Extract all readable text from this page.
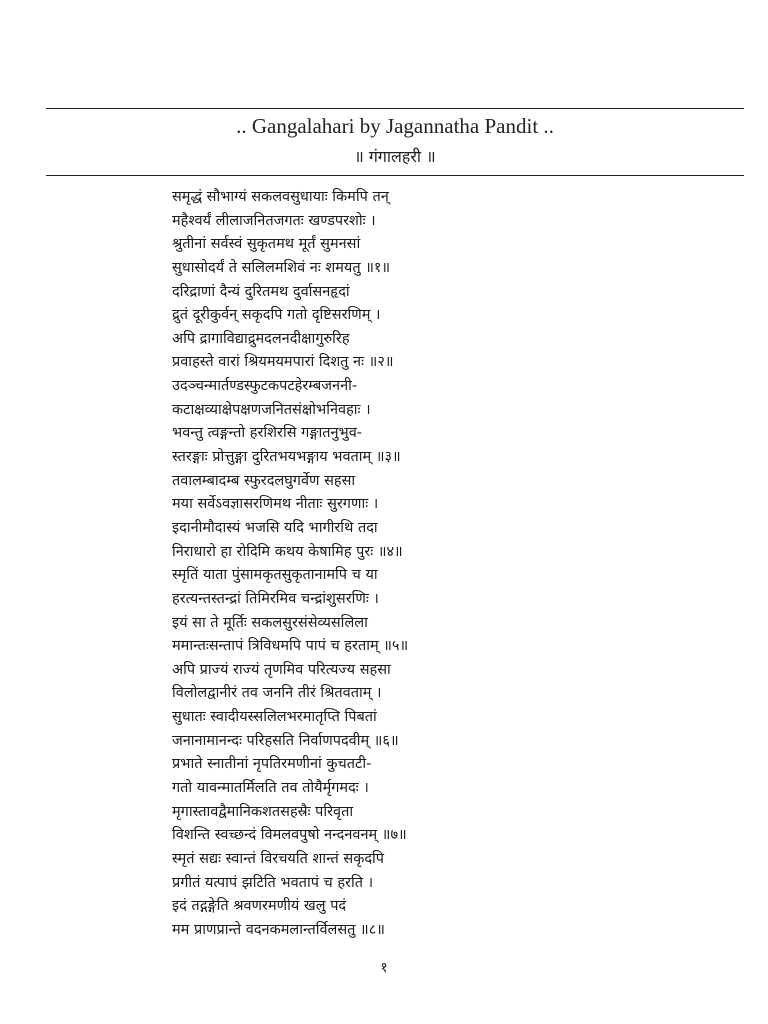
.. Gangalahari by Jagannatha Pandit ..
॥ गंगालहरी ॥
समृद्धं सौभाग्यं सकलवसुधायाः किमपि तन्
महैश्वर्यं लीलाजनितजगतः खण्डपरशोः ।
श्रुतीनां सर्वस्वं सुकृतमथ मूर्तं सुमनसां
सुधासोदर्यं ते सलिलमशिवं नः शमयतु ॥१॥
दरिद्राणां दैन्यं दुरितमथ दुर्वासनहृदां
द्रुतं दूरीकुर्वन् सकृदपि गतो दृष्टिसरणिम् ।
अपि द्रागाविद्याद्रुमदलनदीक्षागुरुरिह
प्रवाहस्ते वारां श्रियमयमपारां दिशतु नः ॥२॥
उदञ्चन्मार्तण्डस्फुटकपटहेरम्बजननी-
कटाक्षव्याक्षेपक्षणजनितसंक्षोभनिवहाः ।
भवन्तु त्वङ्गन्तो हरशिरसि गङ्गातनुभुव-
स्तरङ्गाः प्रोत्तुङ्गा दुरितभयभङ्गाय भवताम् ॥३॥
तवालम्बादम्ब स्फुरदलघुगर्वेण सहसा
मया सर्वेऽवज्ञासरणिमथ नीताः सुरगणाः ।
इदानीमौदास्यं भजसि यदि भागीरथि तदा
निराधारो हा रोदिमि कथय केषामिह पुरः ॥४॥
स्मृतिं याता पुंसामकृतसुकृतानामपि च या
हरत्यन्तस्तन्द्रां तिमिरमिव चन्द्रांशुसरणिः ।
इयं सा ते मूर्तिः सकलसुरसंसेव्यसलिला
ममान्तःसन्तापं त्रिविधमपि पापं च हरताम् ॥५॥
अपि प्राज्यं राज्यं तृणमिव परित्यज्य सहसा
विलोलद्वानीरं तव जननि तीरं श्रितवताम् ।
सुधातः स्वादीयस्सलिलभरमातृप्ति पिबतां
जनानामानन्दः परिहसति निर्वाणपदवीम् ॥६॥
प्रभाते स्नातीनां नृपतिरमणीनां कुचतटी-
गतो यावन्मातर्मिलति तव तोयैर्मृगमदः ।
मृगास्तावद्वैमानिकशतसहस्रैः परिवृता
विशन्ति स्वच्छन्दं विमलवपुषो नन्दनवनम् ॥७॥
स्मृतं सद्यः स्वान्तं विरचयति शान्तं सकृदपि
प्रगीतं यत्पापं झटिति भवतापं च हरति ।
इदं तद्गङ्गेति श्रवणरमणीयं खलु पदं
मम प्राणप्रान्ते वदनकमलान्तर्विलसतु ॥८॥
१
